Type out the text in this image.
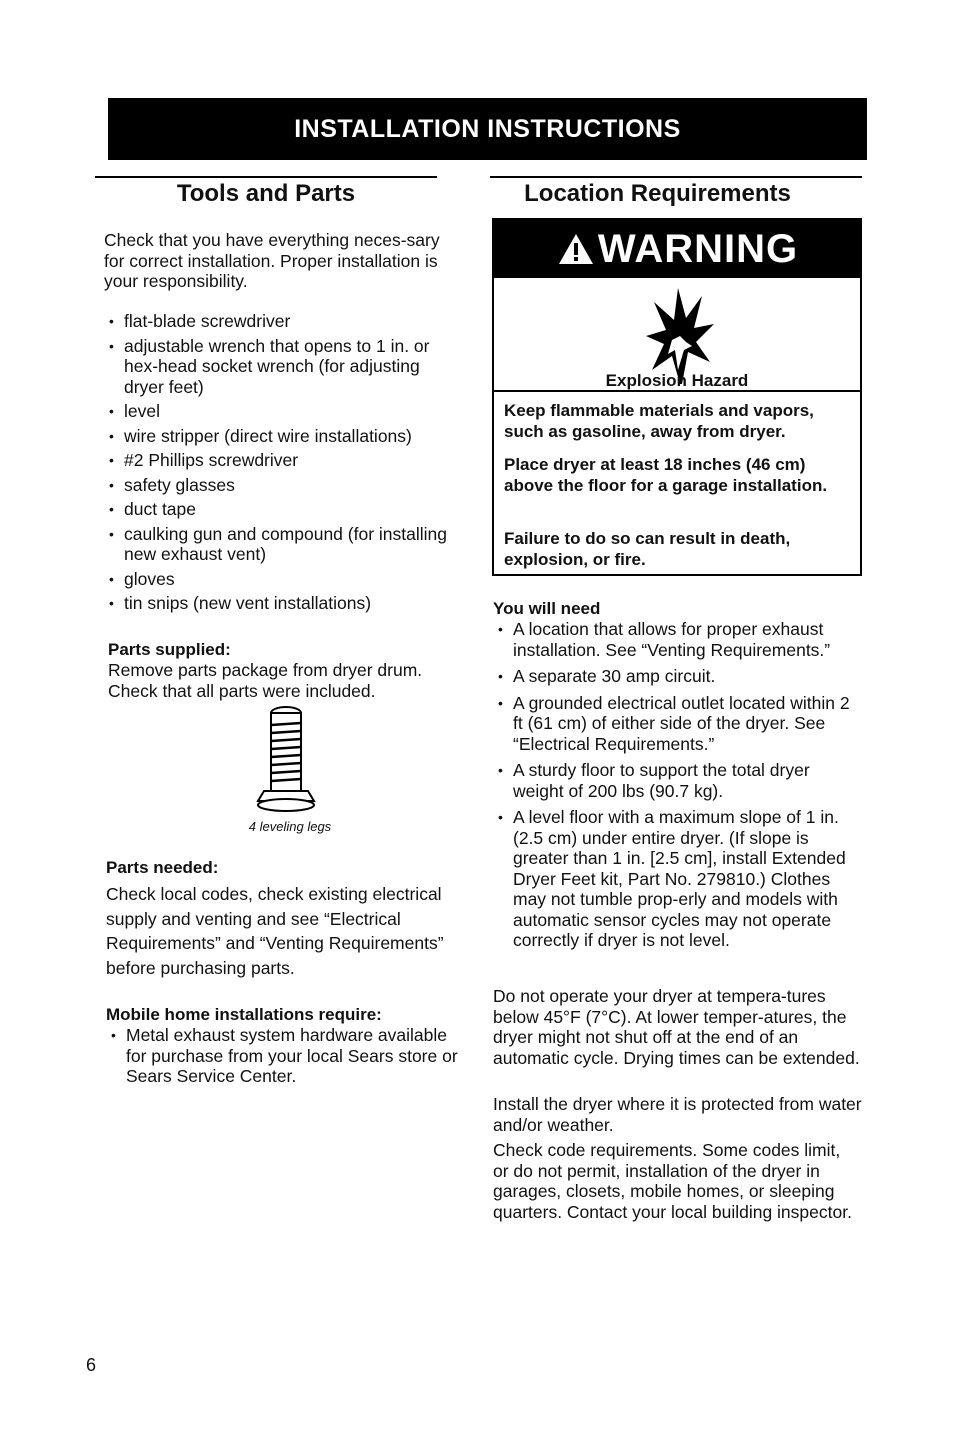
INSTALLATION INSTRUCTIONS
Tools and Parts
Check that you have everything neces-sary for correct installation. Proper installation is your responsibility.
• flat-blade screwdriver
• adjustable wrench that opens to 1 in. or hex-head socket wrench (for adjusting dryer feet)
• level
• wire stripper (direct wire installations)
• #2 Phillips screwdriver
• safety glasses
• duct tape
• caulking gun and compound (for installing new exhaust vent)
• gloves
• tin snips (new vent installations)
Parts supplied:
Remove parts package from dryer drum. Check that all parts were included.
4 leveling legs
Parts needed:
Check local codes, check existing electrical supply and venting and see “Electrical Requirements” and “Venting Requirements” before purchasing parts.
Mobile home installations require:
• Metal exhaust system hardware available for purchase from your local Sears store or Sears Service Center.
Location Requirements
WARNING
Explosion Hazard
Keep flammable materials and vapors, such as gasoline, away from dryer.
Place dryer at least 18 inches (46 cm) above the floor for a garage installation.
Failure to do so can result in death, explosion, or fire.
You will need
• A location that allows for proper exhaust installation. See “Venting Requirements.”
• A separate 30 amp circuit.
• A grounded electrical outlet located within 2 ft (61 cm) of either side of the dryer. See “Electrical Requirements.”
• A sturdy floor to support the total dryer weight of 200 lbs (90.7 kg).
• A level floor with a maximum slope of 1 in. (2.5 cm) under entire dryer. (If slope is greater than 1 in. [2.5 cm], install Extended Dryer Feet kit, Part No. 279810.) Clothes may not tumble prop-erly and models with automatic sensor cycles may not operate correctly if dryer is not level.
Do not operate your dryer at tempera-tures below 45°F (7°C). At lower temper-atures, the dryer might not shut off at the end of an automatic cycle. Drying times can be extended.
Install the dryer where it is protected from water and/or weather.
Check code requirements. Some codes limit, or do not permit, installation of the dryer in garages, closets, mobile homes, or sleeping quarters. Contact your local building inspector.
6
